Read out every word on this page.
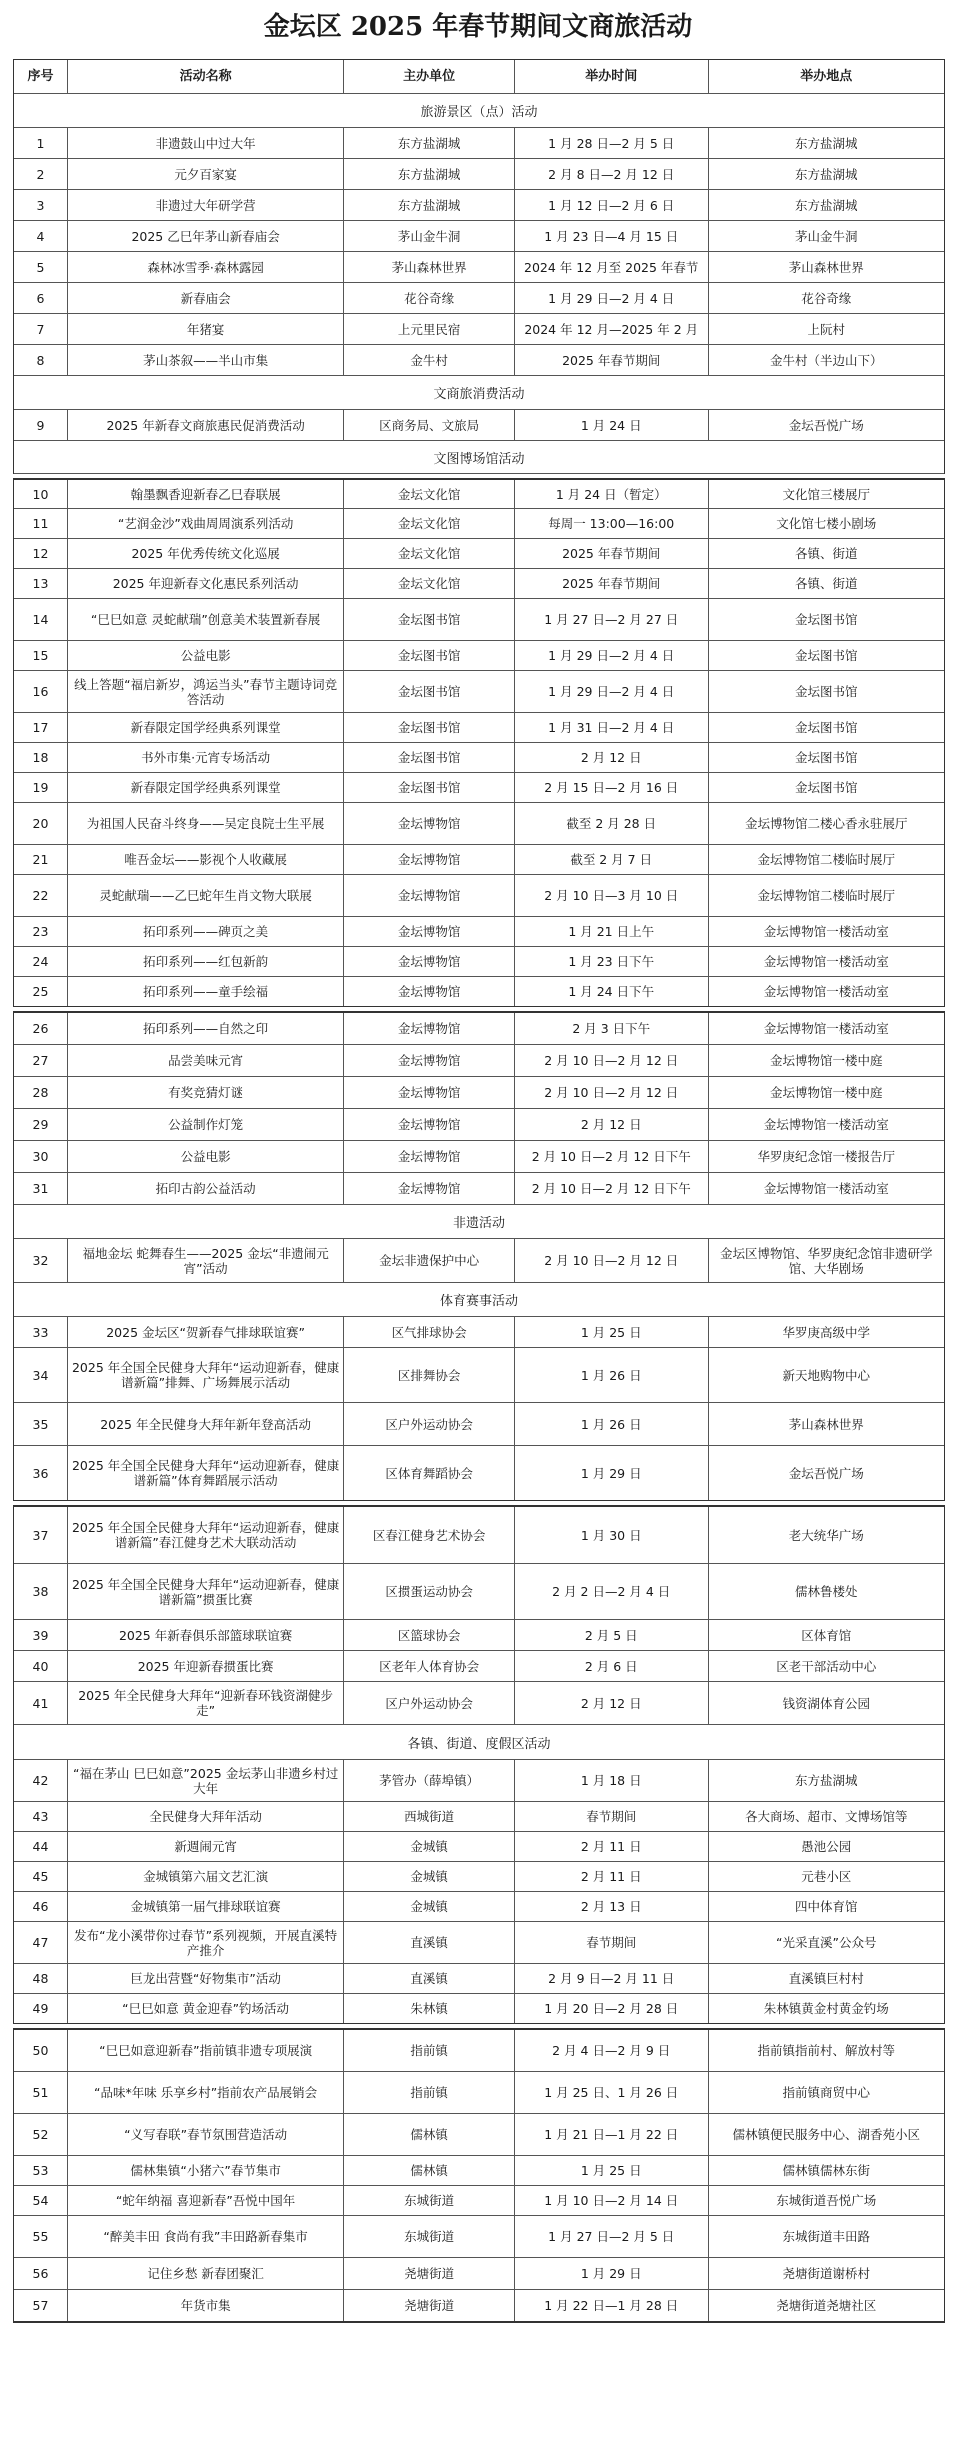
金坛区 2025 年春节期间文商旅活动
序号	活动名称	主办单位	举办时间	举办地点
旅游景区（点）活动
1	非遗鼓山中过大年	东方盐湖城	1 月 28 日—2 月 5 日	东方盐湖城
2	元夕百家宴	东方盐湖城	2 月 8 日—2 月 12 日	东方盐湖城
3	非遗过大年研学营	东方盐湖城	1 月 12 日—2 月 6 日	东方盐湖城
4	2025 乙巳年茅山新春庙会	茅山金牛洞	1 月 23 日—4 月 15 日	茅山金牛洞
5	森林冰雪季·森林露园	茅山森林世界	2024 年 12 月至 2025 年春节	茅山森林世界
6	新春庙会	花谷奇缘	1 月 29 日—2 月 4 日	花谷奇缘
7	年猪宴	上元里民宿	2024 年 12 月—2025 年 2 月	上阮村
8	茅山茶叙——半山市集	金牛村	2025 年春节期间	金牛村（半边山下）
文商旅消费活动
9	2025 年新春文商旅惠民促消费活动	区商务局、文旅局	1 月 24 日	金坛吾悦广场
文图博场馆活动
10	翰墨飘香迎新春乙巳春联展	金坛文化馆	1 月 24 日（暂定）	文化馆三楼展厅
11	“艺润金沙”戏曲周周演系列活动	金坛文化馆	每周一 13:00—16:00	文化馆七楼小剧场
12	2025 年优秀传统文化巡展	金坛文化馆	2025 年春节期间	各镇、街道
13	2025 年迎新春文化惠民系列活动	金坛文化馆	2025 年春节期间	各镇、街道
14	“巳巳如意 灵蛇献瑞”创意美术装置新春展	金坛图书馆	1 月 27 日—2 月 27 日	金坛图书馆
15	公益电影	金坛图书馆	1 月 29 日—2 月 4 日	金坛图书馆
16	线上答题“福启新岁，鸿运当头”春节主题诗词竞答活动	金坛图书馆	1 月 29 日—2 月 4 日	金坛图书馆
17	新春限定国学经典系列课堂	金坛图书馆	1 月 31 日—2 月 4 日	金坛图书馆
18	书外市集·元宵专场活动	金坛图书馆	2 月 12 日	金坛图书馆
19	新春限定国学经典系列课堂	金坛图书馆	2 月 15 日—2 月 16 日	金坛图书馆
20	为祖国人民奋斗终身——吴定良院士生平展	金坛博物馆	截至 2 月 28 日	金坛博物馆二楼心香永驻展厅
21	唯吾金坛——影视个人收藏展	金坛博物馆	截至 2 月 7 日	金坛博物馆二楼临时展厅
22	灵蛇献瑞——乙巳蛇年生肖文物大联展	金坛博物馆	2 月 10 日—3 月 10 日	金坛博物馆二楼临时展厅
23	拓印系列——碑页之美	金坛博物馆	1 月 21 日上午	金坛博物馆一楼活动室
24	拓印系列——红包新韵	金坛博物馆	1 月 23 日下午	金坛博物馆一楼活动室
25	拓印系列——童手绘福	金坛博物馆	1 月 24 日下午	金坛博物馆一楼活动室
26	拓印系列——自然之印	金坛博物馆	2 月 3 日下午	金坛博物馆一楼活动室
27	品尝美味元宵	金坛博物馆	2 月 10 日—2 月 12 日	金坛博物馆一楼中庭
28	有奖竞猜灯谜	金坛博物馆	2 月 10 日—2 月 12 日	金坛博物馆一楼中庭
29	公益制作灯笼	金坛博物馆	2 月 12 日	金坛博物馆一楼活动室
30	公益电影	金坛博物馆	2 月 10 日—2 月 12 日下午	华罗庚纪念馆一楼报告厅
31	拓印古韵公益活动	金坛博物馆	2 月 10 日—2 月 12 日下午	金坛博物馆一楼活动室
非遗活动
32	福地金坛 蛇舞春生——2025 金坛“非遗闹元宵”活动	金坛非遗保护中心	2 月 10 日—2 月 12 日	金坛区博物馆、华罗庚纪念馆非遗研学馆、大华剧场
体育赛事活动
33	2025 金坛区“贺新春气排球联谊赛”	区气排球协会	1 月 25 日	华罗庚高级中学
34	2025 年全国全民健身大拜年“运动迎新春，健康谱新篇”排舞、广场舞展示活动	区排舞协会	1 月 26 日	新天地购物中心
35	2025 年全民健身大拜年新年登高活动	区户外运动协会	1 月 26 日	茅山森林世界
36	2025 年全国全民健身大拜年“运动迎新春，健康谱新篇”体育舞蹈展示活动	区体育舞蹈协会	1 月 29 日	金坛吾悦广场
37	2025 年全国全民健身大拜年“运动迎新春，健康谱新篇”春江健身艺术大联动活动	区春江健身艺术协会	1 月 30 日	老大统华广场
38	2025 年全国全民健身大拜年“运动迎新春，健康谱新篇”掼蛋比赛	区掼蛋运动协会	2 月 2 日—2 月 4 日	儒林鲁楼处
39	2025 年新春俱乐部篮球联谊赛	区篮球协会	2 月 5 日	区体育馆
40	2025 年迎新春掼蛋比赛	区老年人体育协会	2 月 6 日	区老干部活动中心
41	2025 年全民健身大拜年“迎新春环钱资湖健步走”	区户外运动协会	2 月 12 日	钱资湖体育公园
各镇、街道、度假区活动
42	“福在茅山 巳巳如意”2025 金坛茅山非遗乡村过大年	茅管办（薛埠镇）	1 月 18 日	东方盐湖城
43	全民健身大拜年活动	西城街道	春节期间	各大商场、超市、文博场馆等
44	新週闹元宵	金城镇	2 月 11 日	愚池公园
45	金城镇第六届文艺汇演	金城镇	2 月 11 日	元巷小区
46	金城镇第一届气排球联谊赛	金城镇	2 月 13 日	四中体育馆
47	发布“龙小溪带你过春节”系列视频，开展直溪特产推介	直溪镇	春节期间	“光采直溪”公众号
48	巨龙出营暨“好物集市”活动	直溪镇	2 月 9 日—2 月 11 日	直溪镇巨村村
49	“巳巳如意 黄金迎春”钓场活动	朱林镇	1 月 20 日—2 月 28 日	朱林镇黄金村黄金钓场
50	“巳巳如意迎新春”指前镇非遗专项展演	指前镇	2 月 4 日—2 月 9 日	指前镇指前村、解放村等
51	“品味*年味 乐享乡村”指前农产品展销会	指前镇	1 月 25 日、1 月 26 日	指前镇商贸中心
52	“义写春联”春节氛围营造活动	儒林镇	1 月 21 日—1 月 22 日	儒林镇便民服务中心、湖香苑小区
53	儒林集镇“小猪六”春节集市	儒林镇	1 月 25 日	儒林镇儒林东街
54	“蛇年纳福 喜迎新春”吾悦中国年	东城街道	1 月 10 日—2 月 14 日	东城街道吾悦广场
55	“醉美丰田 食尚有我”丰田路新春集市	东城街道	1 月 27 日—2 月 5 日	东城街道丰田路
56	记住乡愁 新春团聚汇	尧塘街道	1 月 29 日	尧塘街道谢桥村
57	年货市集	尧塘街道	1 月 22 日—1 月 28 日	尧塘街道尧塘社区
